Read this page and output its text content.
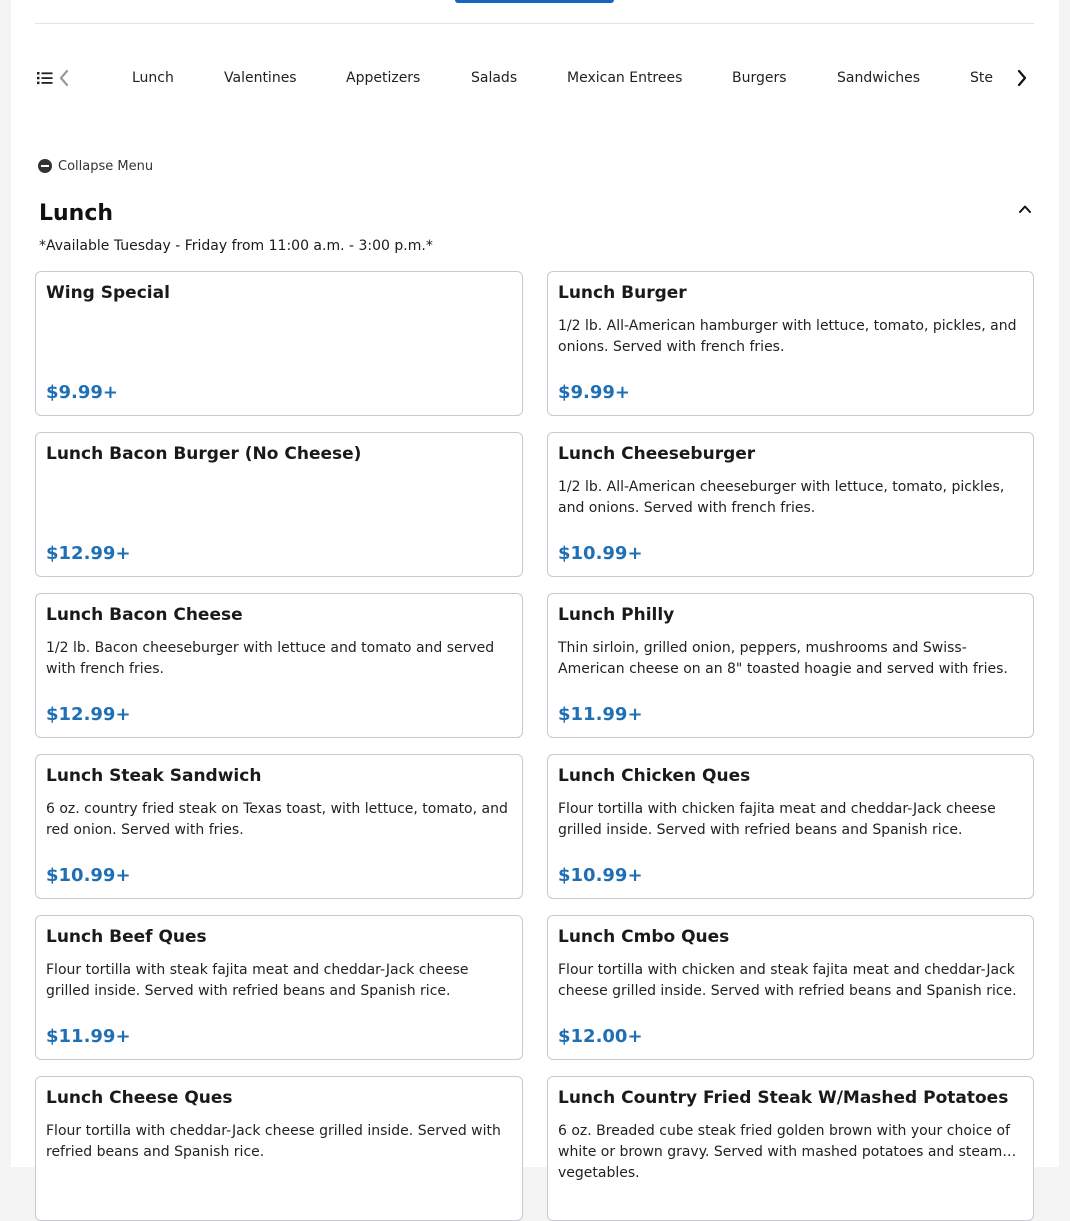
Lunch	Valentines	Appetizers	Salads	Mexican Entrees	Burgers	Sandwiches	Ste
Collapse Menu
Lunch
*Available Tuesday - Friday from 11:00 a.m. - 3:00 p.m.*
Wing Special
$9.99+
Lunch Burger
1/2 lb. All-American hamburger with lettuce, tomato, pickles, and onions. Served with french fries.
$9.99+
Lunch Bacon Burger (No Cheese)
$12.99+
Lunch Cheeseburger
1/2 lb. All-American cheeseburger with lettuce, tomato, pickles, and onions. Served with french fries.
$10.99+
Lunch Bacon Cheese
1/2 lb. Bacon cheeseburger with lettuce and tomato and served with french fries.
$12.99+
Lunch Philly
Thin sirloin, grilled onion, peppers, mushrooms and Swiss-American cheese on an 8" toasted hoagie and served with fries.
$11.99+
Lunch Steak Sandwich
6 oz. country fried steak on Texas toast, with lettuce, tomato, and red onion. Served with fries.
$10.99+
Lunch Chicken Ques
Flour tortilla with chicken fajita meat and cheddar-Jack cheese grilled inside. Served with refried beans and Spanish rice.
$10.99+
Lunch Beef Ques
Flour tortilla with steak fajita meat and cheddar-Jack cheese grilled inside. Served with refried beans and Spanish rice.
$11.99+
Lunch Cmbo Ques
Flour tortilla with chicken and steak fajita meat and cheddar-Jack cheese grilled inside. Served with refried beans and Spanish rice.
$12.00+
Lunch Cheese Ques
Flour tortilla with cheddar-Jack cheese grilled inside. Served with refried beans and Spanish rice.
Lunch Country Fried Steak W/Mashed Potatoes
6 oz. Breaded cube steak fried golden brown with your choice of white or brown gravy. Served with mashed potatoes and steamed vegetables.
